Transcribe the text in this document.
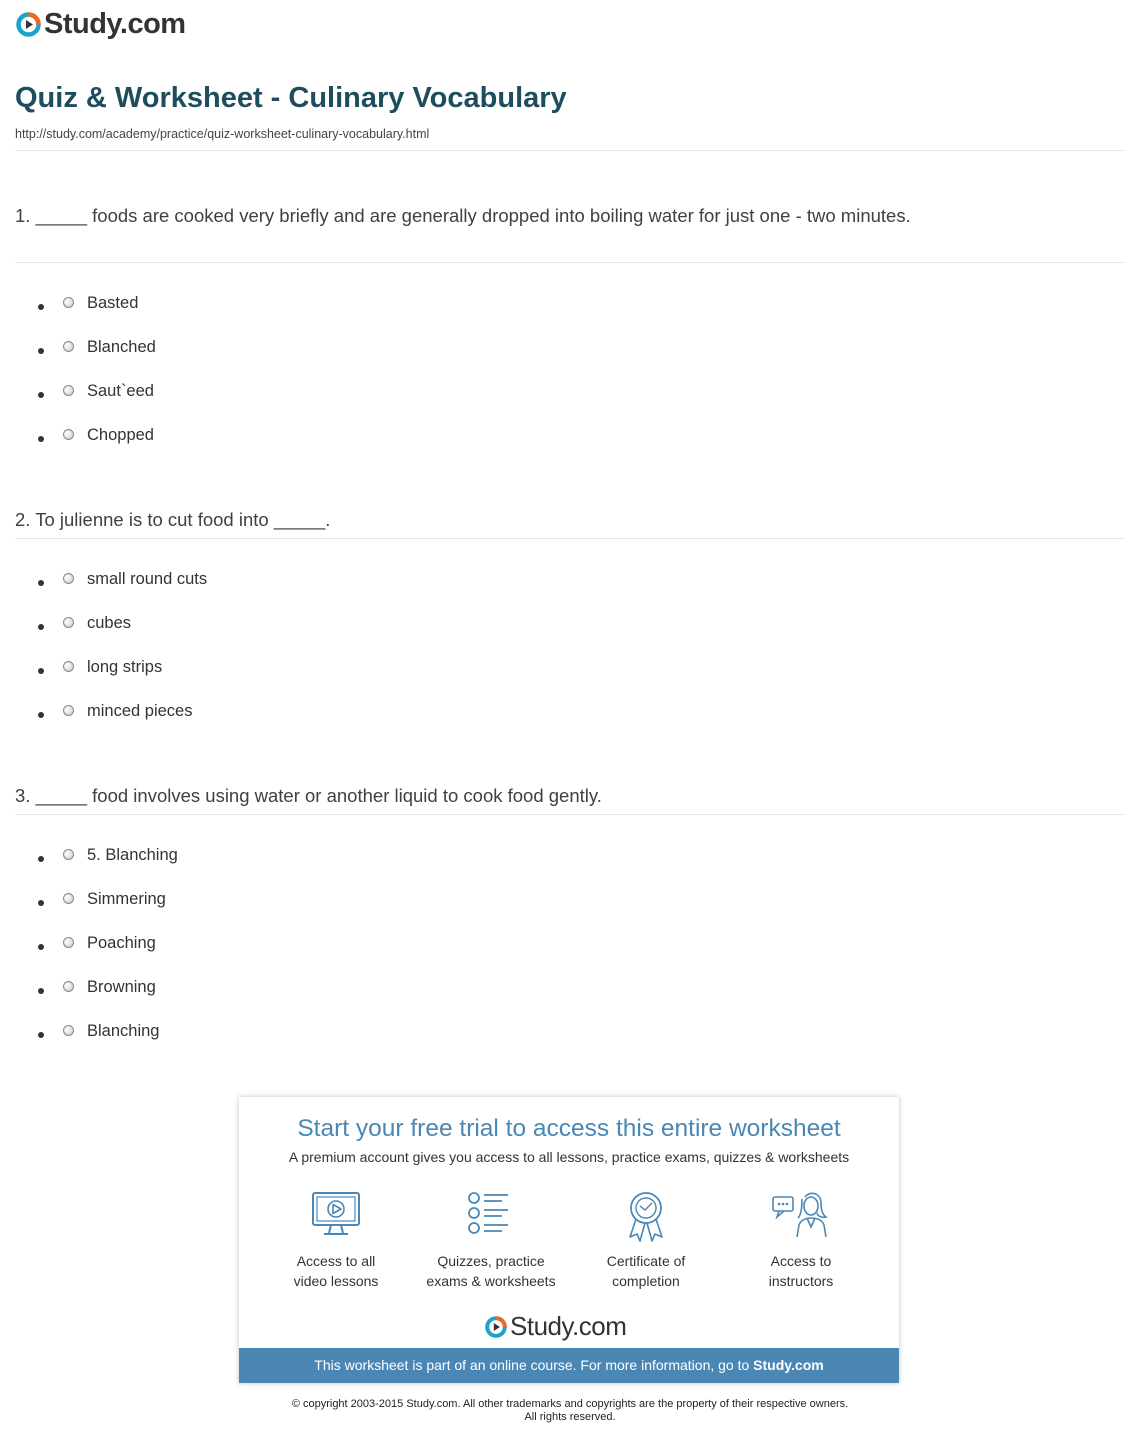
Study.com
Quiz & Worksheet - Culinary Vocabulary
http://study.com/academy/practice/quiz-worksheet-culinary-vocabulary.html

1. _____ foods are cooked very briefly and are generally dropped into boiling water for just one - two minutes.

Basted
Blanched
Saut`eed
Chopped

2. To julienne is to cut food into _____.

small round cuts
cubes
long strips
minced pieces

3. _____ food involves using water or another liquid to cook food gently.

5. Blanching
Simmering
Poaching
Browning
Blanching
Start your free trial to access this entire worksheet
A premium account gives you access to all lessons, practice exams, quizzes & worksheets
Access to all
video lessons
Quizzes, practice
exams & worksheets
Certificate of
completion
Access to
instructors
Study.com
This worksheet is part of an online course. For more information, go to Study.com
© copyright 2003-2015 Study.com. All other trademarks and copyrights are the property of their respective owners.
All rights reserved.
